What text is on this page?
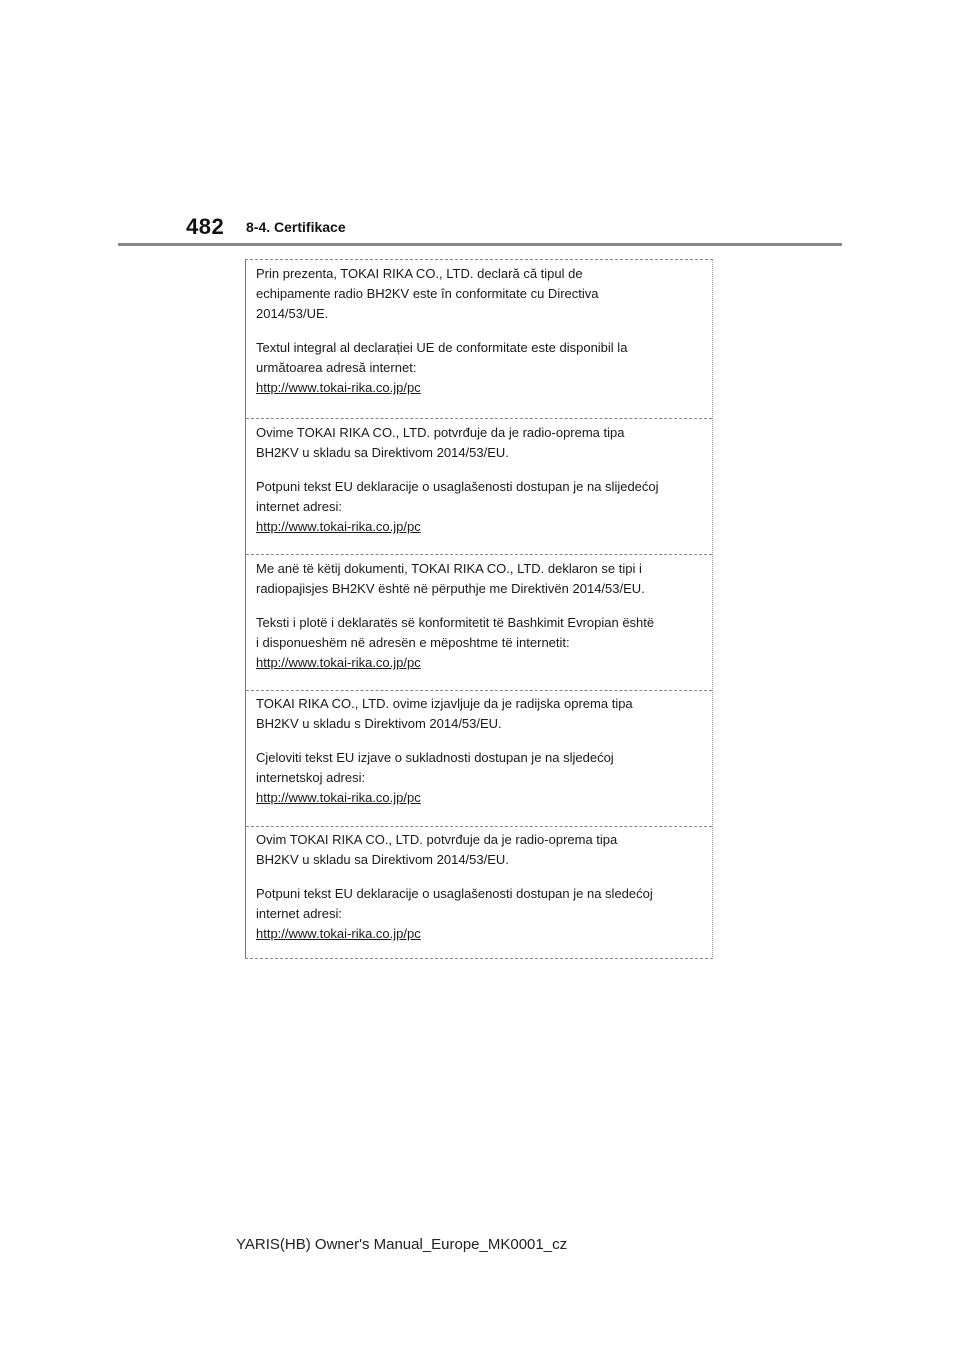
482 8-4. Certifikace

Prin prezenta, TOKAI RIKA CO., LTD. declară că tipul de

echipamente radio BH2KV este în conformitate cu Directiva

2014/53/UE.

Textul integral al declarației UE de conformitate este disponibil la

următoarea adresă internet:

http://www.tokai-rika.co.jp/pc

Ovime TOKAI RIKA CO., LTD. potvrđuje da je radio-oprema tipa

BH2KV u skladu sa Direktivom 2014/53/EU.

Potpuni tekst EU deklaracije o usaglašenosti dostupan je na slijedećoj

internet adresi:

http://www.tokai-rika.co.jp/pc

Me anë të këtij dokumenti, TOKAI RIKA CO., LTD. deklaron se tipi i

radiopajisjes BH2KV është në përputhje me Direktivën 2014/53/EU.

Teksti i plotë i deklaratës së konformitetit të Bashkimit Evropian është

i disponueshëm në adresën e mëposhtme të internetit:

http://www.tokai-rika.co.jp/pc

TOKAI RIKA CO., LTD. ovime izjavljuje da je radijska oprema tipa

BH2KV u skladu s Direktivom 2014/53/EU.

Cjeloviti tekst EU izjave o sukladnosti dostupan je na sljedećoj

internetskoj adresi:

http://www.tokai-rika.co.jp/pc

Ovim TOKAI RIKA CO., LTD. potvrđuje da je radio-oprema tipa

BH2KV u skladu sa Direktivom 2014/53/EU.

Potpuni tekst EU deklaracije o usaglašenosti dostupan je na sledećoj

internet adresi:

http://www.tokai-rika.co.jp/pc

YARIS(HB) Owner's Manual_Europe_MK0001_cz
